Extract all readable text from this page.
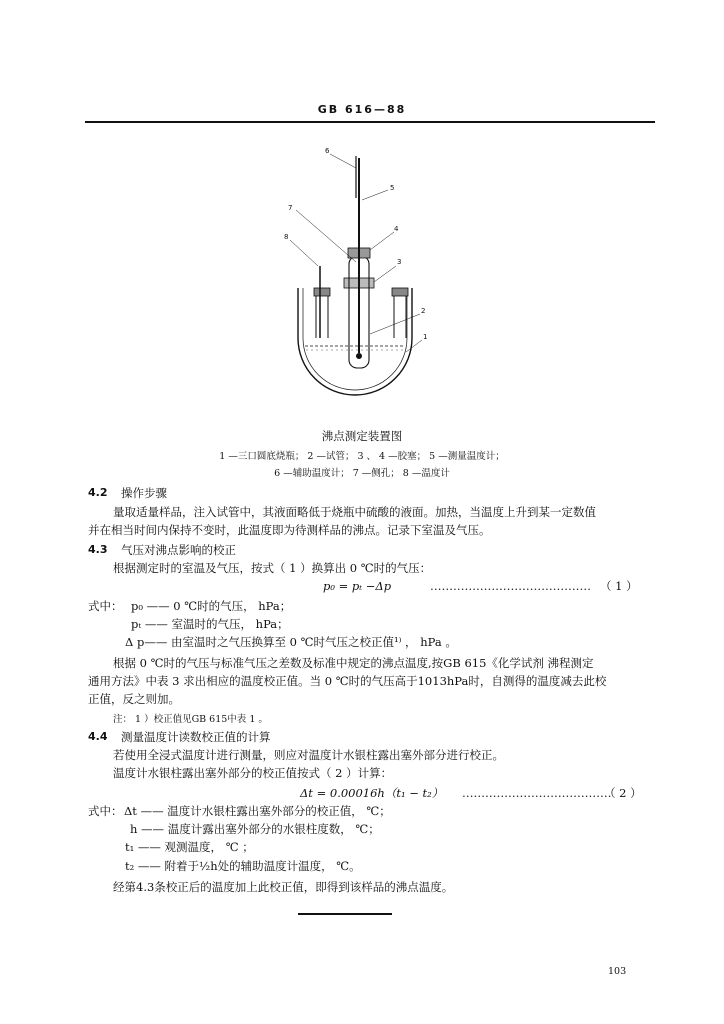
GB 616—88
6
5
7
4
8
3
2
1
沸点测定装置图
1 —三口圆底烧瓶； 2 —试管； 3 、 4 —胶塞； 5 —测量温度计；
6 —辅助温度计； 7 —侧孔； 8 —温度计
4.2 操作步骤
量取适量样品，注入试管中，其液面略低于烧瓶中硫酸的液面。加热，当温度上升到某一定数值
并在相当时间内保持不变时，此温度即为待测样品的沸点。记录下室温及气压。
4.3 气压对沸点影响的校正
根据测定时的室温及气压，按式（ 1 ）换算出 0 ℃时的气压：
p₀ = pₜ −Δp	…………………………………… （ 1 ）
式中： p₀ —— 0 ℃时的气压， hPa；
pₜ —— 室温时的气压， hPa；
Δ p—— 由室温时之气压换算至 0 ℃时气压之校正值¹⁾ ， hPa 。
根据 0 ℃时的气压与标准气压之差数及标准中规定的沸点温度,按GB 615《化学试剂 沸程测定
通用方法》中表 3 求出相应的温度校正值。当 0 ℃时的气压高于1013hPa时，自测得的温度减去此校
正值，反之则加。
注： 1 ）校正值见GB 615中表 1 。
4.4 测量温度计读数校正值的计算
若使用全浸式温度计进行测量，则应对温度计水银柱露出塞外部分进行校正。
温度计水银柱露出塞外部分的校正值按式（ 2 ）计算：
Δt = 0.00016h（t₁ − t₂） …………………………………
（ 2 ）
式中： Δt —— 温度计水银柱露出塞外部分的校正值， ℃；
h —— 温度计露出塞外部分的水银柱度数， ℃；
t₁ —— 观测温度， ℃ ；
t₂ —— 附着于½h处的辅助温度计温度， ℃。
经第4.3条校正后的温度加上此校正值，即得到该样品的沸点温度。
103
